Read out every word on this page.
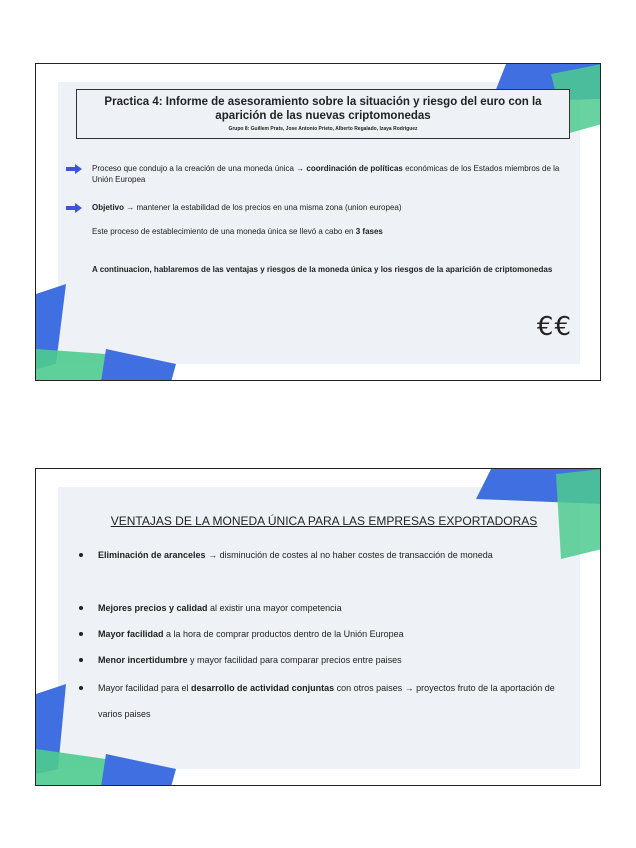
Practica 4: Informe de asesoramiento sobre la situación y riesgo del euro con la aparición de las nuevas criptomonedas
Grupo 8: Guillem Prats, Jose Antonio Prieto, Alberto Regalado, Izaya Rodriguez
Proceso que condujo a la creación de una moneda única → coordinación de políticas económicas de los Estados miembros de la Unión Europea
Objetivo → mantener la estabilidad de los precios en una misma zona (union europea)
Este proceso de establecimiento de una moneda única se llevó a cabo en 3 fases
A continuacion, hablaremos de las ventajas y riesgos de la moneda única y los riesgos de la aparición de criptomonedas
€€
VENTAJAS DE LA MONEDA ÚNICA PARA LAS EMPRESAS EXPORTADORAS
Eliminación de aranceles → disminución de costes al no haber costes de transacción de moneda
Mejores precios y calidad al existir una mayor competencia
Mayor facilidad a la hora de comprar productos dentro de la Unión Europea
Menor incertidumbre y mayor facilidad para comparar precios entre paises
Mayor facilidad para el desarrollo de actividad conjuntas con otros paises → proyectos fruto de la aportación de varios paises
